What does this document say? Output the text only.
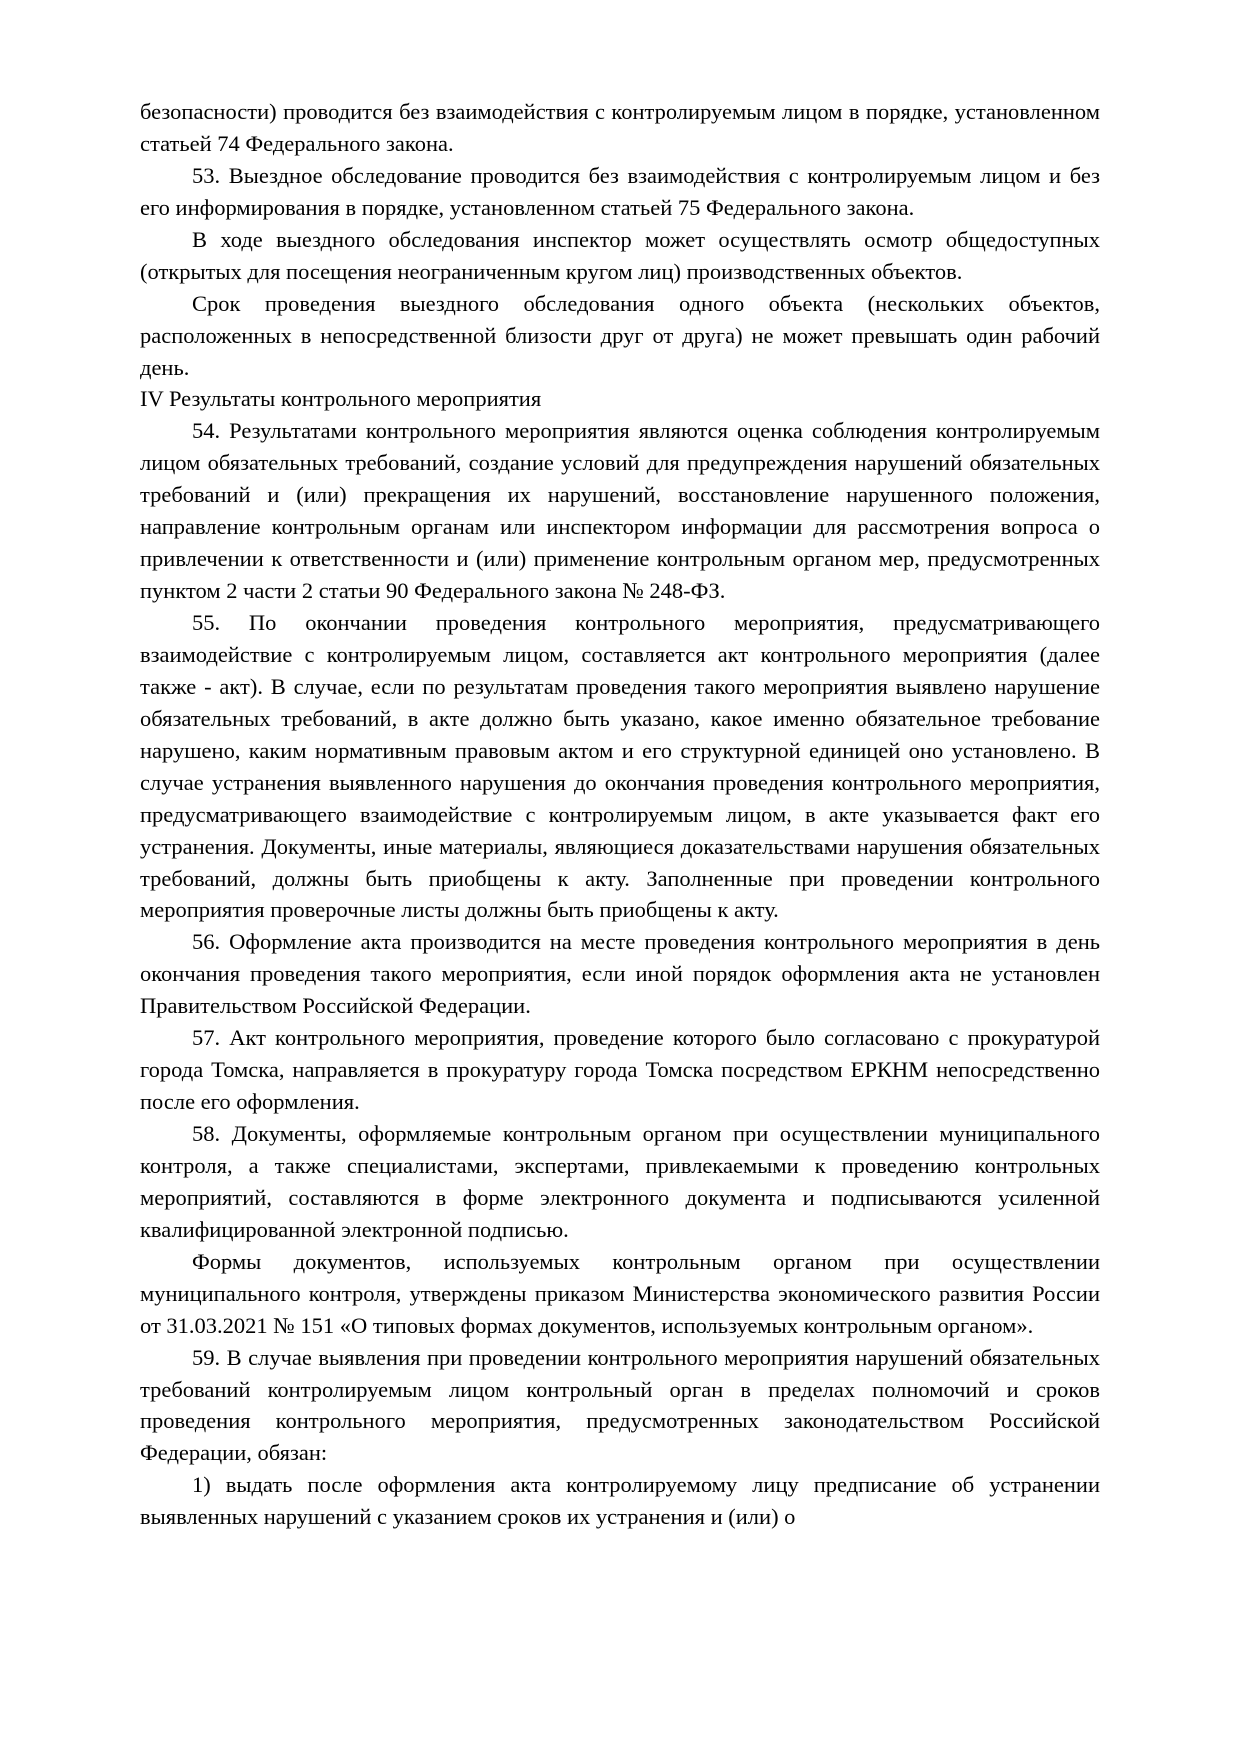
безопасности) проводится без взаимодействия с контролируемым лицом в порядке, установленном статьей 74 Федерального закона.

53. Выездное обследование проводится без взаимодействия с контролируемым лицом и без его информирования в порядке, установленном статьей 75 Федерального закона.

В ходе выездного обследования инспектор может осуществлять осмотр общедоступных (открытых для посещения неограниченным кругом лиц) производственных объектов.

Срок проведения выездного обследования одного объекта (нескольких объектов, расположенных в непосредственной близости друг от друга) не может превышать один рабочий день.

IV Результаты контрольного мероприятия

54. Результатами контрольного мероприятия являются оценка соблюдения контролируемым лицом обязательных требований, создание условий для предупреждения нарушений обязательных требований и (или) прекращения их нарушений, восстановление нарушенного положения, направление контрольным органам или инспектором информации для рассмотрения вопроса о привлечении к ответственности и (или) применение контрольным органом мер, предусмотренных пунктом 2 части 2 статьи 90 Федерального закона № 248-ФЗ.

55. По окончании проведения контрольного мероприятия, предусматривающего взаимодействие с контролируемым лицом, составляется акт контрольного мероприятия (далее также - акт). В случае, если по результатам проведения такого мероприятия выявлено нарушение обязательных требований, в акте должно быть указано, какое именно обязательное требование нарушено, каким нормативным правовым актом и его структурной единицей оно установлено. В случае устранения выявленного нарушения до окончания проведения контрольного мероприятия, предусматривающего взаимодействие с контролируемым лицом, в акте указывается факт его устранения. Документы, иные материалы, являющиеся доказательствами нарушения обязательных требований, должны быть приобщены к акту. Заполненные при проведении контрольного мероприятия проверочные листы должны быть приобщены к акту.

56. Оформление акта производится на месте проведения контрольного мероприятия в день окончания проведения такого мероприятия, если иной порядок оформления акта не установлен Правительством Российской Федерации.

57. Акт контрольного мероприятия, проведение которого было согласовано с прокуратурой города Томска, направляется в прокуратуру города Томска посредством ЕРКНМ непосредственно после его оформления.

58. Документы, оформляемые контрольным органом при осуществлении муниципального контроля, а также специалистами, экспертами, привлекаемыми к проведению контрольных мероприятий, составляются в форме электронного документа и подписываются усиленной квалифицированной электронной подписью.

Формы документов, используемых контрольным органом при осуществлении муниципального контроля, утверждены приказом Министерства экономического развития России от 31.03.2021 № 151 «О типовых формах документов, используемых контрольным органом».

59. В случае выявления при проведении контрольного мероприятия нарушений обязательных требований контролируемым лицом контрольный орган в пределах полномочий и сроков проведения контрольного мероприятия, предусмотренных законодательством Российской Федерации, обязан:

1) выдать после оформления акта контролируемому лицу предписание об устранении выявленных нарушений с указанием сроков их устранения и (или) о
